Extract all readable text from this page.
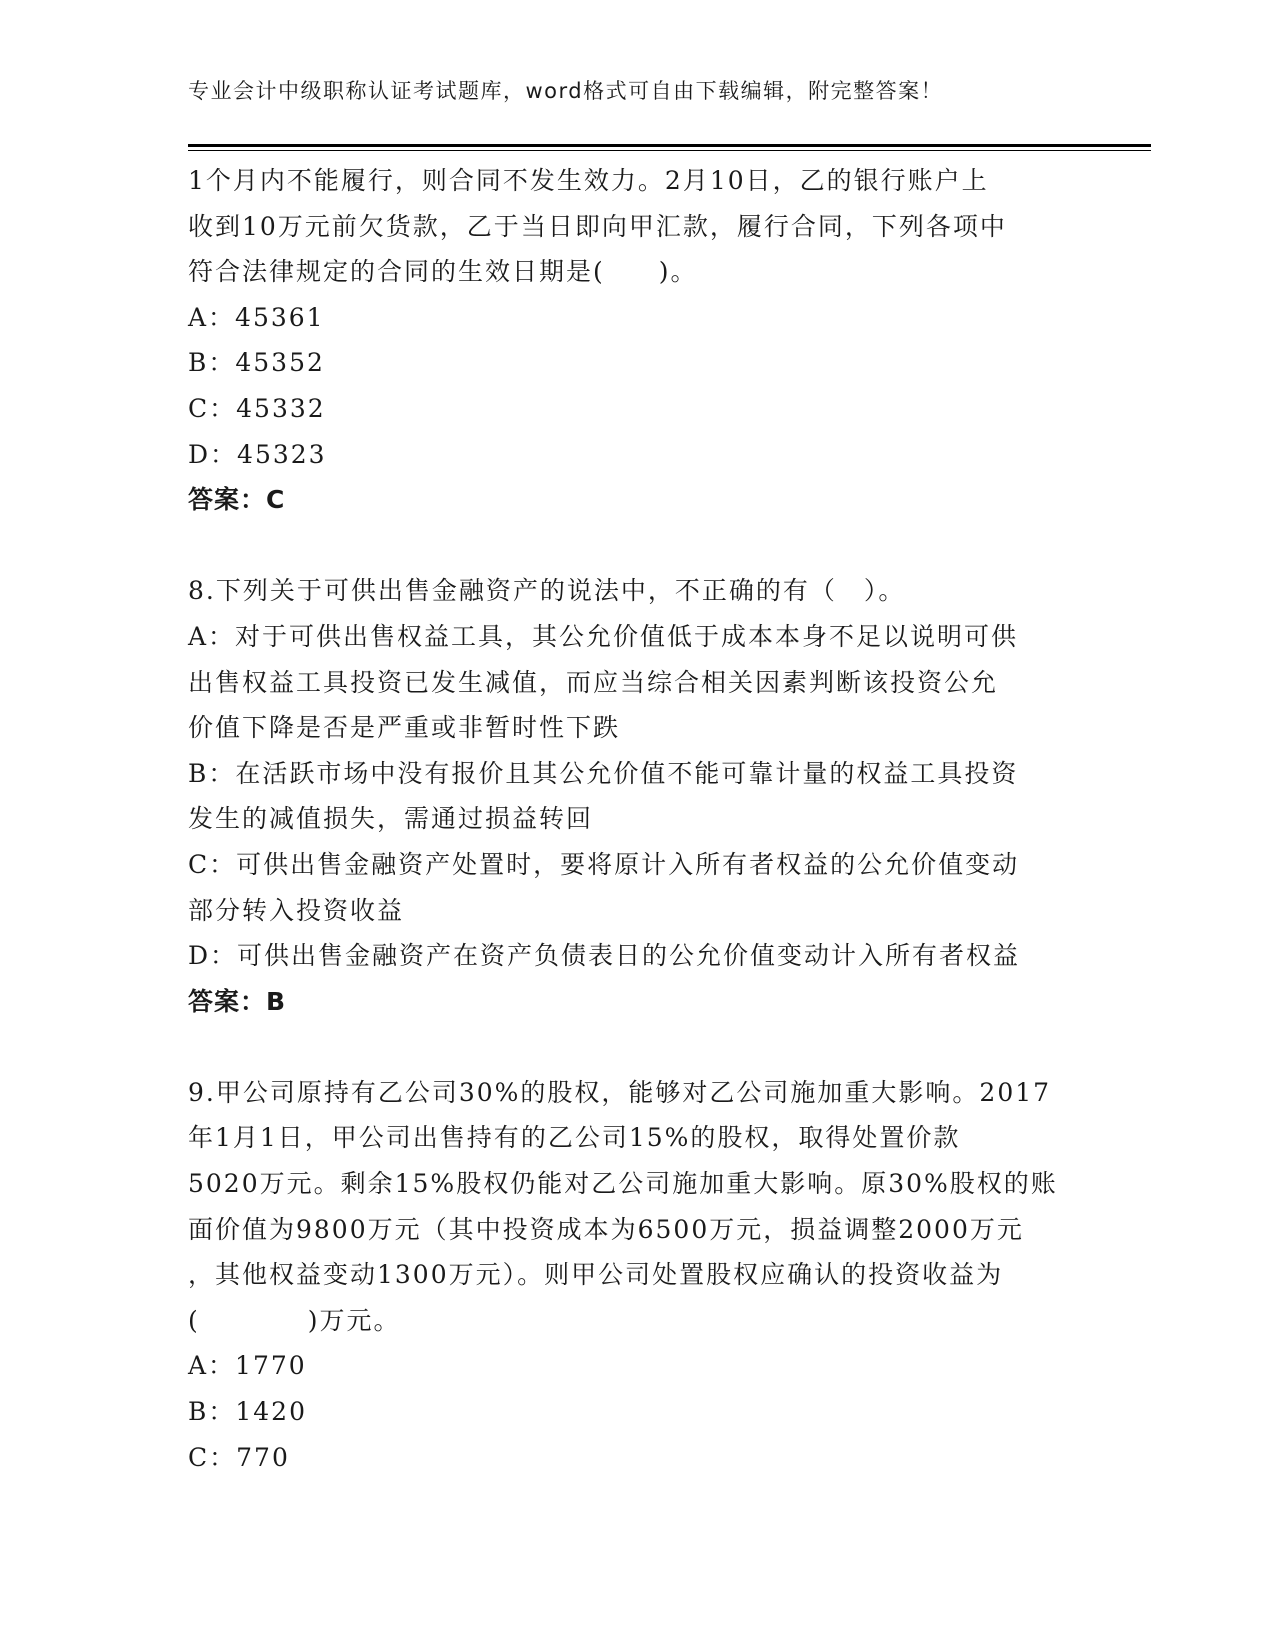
专业会计中级职称认证考试题库，word格式可自由下载编辑，附完整答案！
1个月内不能履行，则合同不发生效力。2月10日，乙的银行账户上
收到10万元前欠货款，乙于当日即向甲汇款，履行合同，下列各项中
符合法律规定的合同的生效日期是(　　)。
A：45361
B：45352
C：45332
D：45323
答案：C
8.下列关于可供出售金融资产的说法中，不正确的有（　）。
A：对于可供出售权益工具，其公允价值低于成本本身不足以说明可供
出售权益工具投资已发生减值，而应当综合相关因素判断该投资公允
价值下降是否是严重或非暂时性下跌
B：在活跃市场中没有报价且其公允价值不能可靠计量的权益工具投资
发生的减值损失，需通过损益转回
C：可供出售金融资产处置时，要将原计入所有者权益的公允价值变动
部分转入投资收益
D：可供出售金融资产在资产负债表日的公允价值变动计入所有者权益
答案：B
9.甲公司原持有乙公司30%的股权，能够对乙公司施加重大影响。2017
年1月1日，甲公司出售持有的乙公司15%的股权，取得处置价款
5020万元。剩余15%股权仍能对乙公司施加重大影响。原30%股权的账
面价值为9800万元（其中投资成本为6500万元，损益调整2000万元
，其他权益变动1300万元）。则甲公司处置股权应确认的投资收益为
(　　　　)万元。
A：1770
B：1420
C：770
